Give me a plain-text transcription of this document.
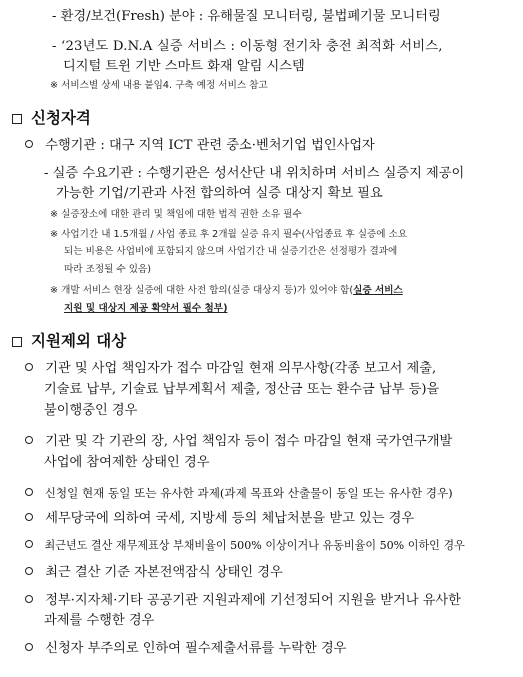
- 환경/보건(Fresh) 분야 : 유해물질 모니터링, 불법폐기물 모니터링
- ‘23년도 D.N.A 실증 서비스 : 이동형 전기차 충전 최적화 서비스,
디지털 트윈 기반 스마트 화재 알림 시스템
※ 서비스별 상세 내용 붙임4. 구축 예정 서비스 참고
신청자격
수행기관 : 대구 지역 ICT 관련 중소·벤처기업 법인사업자
- 실증 수요기관 : 수행기관은 성서산단 내 위치하며 서비스 실증지 제공이
가능한 기업/기관과 사전 합의하여 실증 대상지 확보 필요
※ 실증장소에 대한 관리 및 책임에 대한 법적 권한 소유 필수
※ 사업기간 내 1.5개월 / 사업 종료 후 2개월 실증 유지 필수(사업종료 후 실증에 소요
되는 비용은 사업비에 포함되지 않으며 사업기간 내 실증기간은 선정평가 결과에
따라 조정될 수 있음)
※ 개발 서비스 현장 실증에 대한 사전 합의(실증 대상지 등)가 있어야 함(실증 서비스
지원 및 대상지 제공 확약서 필수 첨부)
지원제외 대상
기관 및 사업 책임자가 접수 마감일 현재 의무사항(각종 보고서 제출,
기술료 납부, 기술료 납부계획서 제출, 정산금 또는 환수금 납부 등)을
불이행중인 경우
기관 및 각 기관의 장, 사업 책임자 등이 접수 마감일 현재 국가연구개발
사업에 참여제한 상태인 경우
신청일 현재 동일 또는 유사한 과제(과제 목표와 산출물이 동일 또는 유사한 경우)
세무당국에 의하여 국세, 지방세 등의 체납처분을 받고 있는 경우
최근년도 결산 재무제표상 부채비율이 500% 이상이거나 유동비율이 50% 이하인 경우
최근 결산 기준 자본전액잠식 상태인 경우
정부·지자체·기타 공공기관 지원과제에 기선정되어 지원을 받거나 유사한
과제를 수행한 경우
신청자 부주의로 인하여 필수제출서류를 누락한 경우
